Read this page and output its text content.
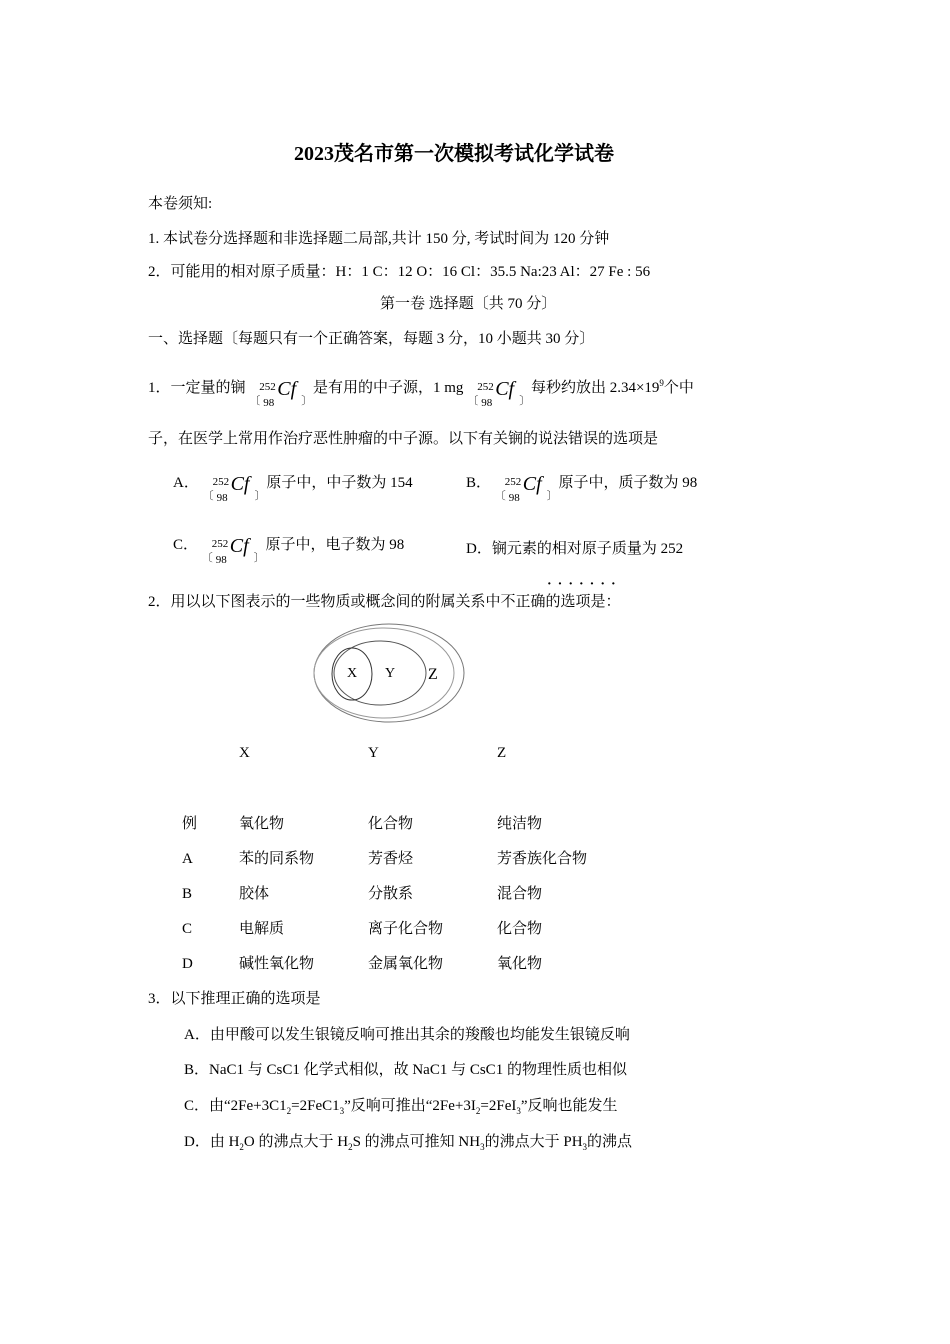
2023茂名市第一次模拟考试化学试卷
本卷须知:
1. 本试卷分选择题和非选择题二局部,共计 150 分, 考试时间为 120 分钟
2．可能用的相对原子质量：H：1 C：12 O：16 Cl：35.5 Na:23 Al：27 Fe : 56
第一卷 选择题〔共 70 分〕
一、选择题〔每题只有一个正确答案，每题 3 分，10 小题共 30 分〕
1．一定量的锎
〔
252
98
Cf
〕
是有用的中子源，1 mg
〔
252
98
Cf
〕
每秒约放出 $2.34\times 19^9$个中
子，在医学上常用作治疗恶性肿瘤的中子源。以下有关锎的说法错误的选项是
A．
〔
252
98
Cf
〕
原子中，中子数为 154	B．
〔
252
98
Cf
〕
原子中，质子数为 98
C．
〔
252
98
Cf
〕
原子中，电子数为 98	D．锎元素的相对原子质量为 252
·······
2．用以以下图表示的一些物质或概念间的附属关系中不正确的选项是：
X Y Z
X	Y	Z
例	氧化物	化合物	纯洁物
A	苯的同系物	芳香烃	芳香族化合物
B	胶体	分散系	混合物
C	电解质	离子化合物	化合物
D	碱性氧化物	金属氧化物	氧化物
3．以下推理正确的选项是
A．由甲酸可以发生银镜反响可推出其余的羧酸也均能发生银镜反响
B．NaC1 与 CsC1 化学式相似，故 NaC1 与 CsC1 的物理性质也相似
C．由“$2Fe+3C1_2=2FeC1_3$”反响可推出“$2Fe+3I_2=2FeI_3$”反响也能发生
D．由 $H_2O$ 的沸点大于 $H_2S$ 的沸点可推知 $NH_3$的沸点大于 $PH_3$的沸点
